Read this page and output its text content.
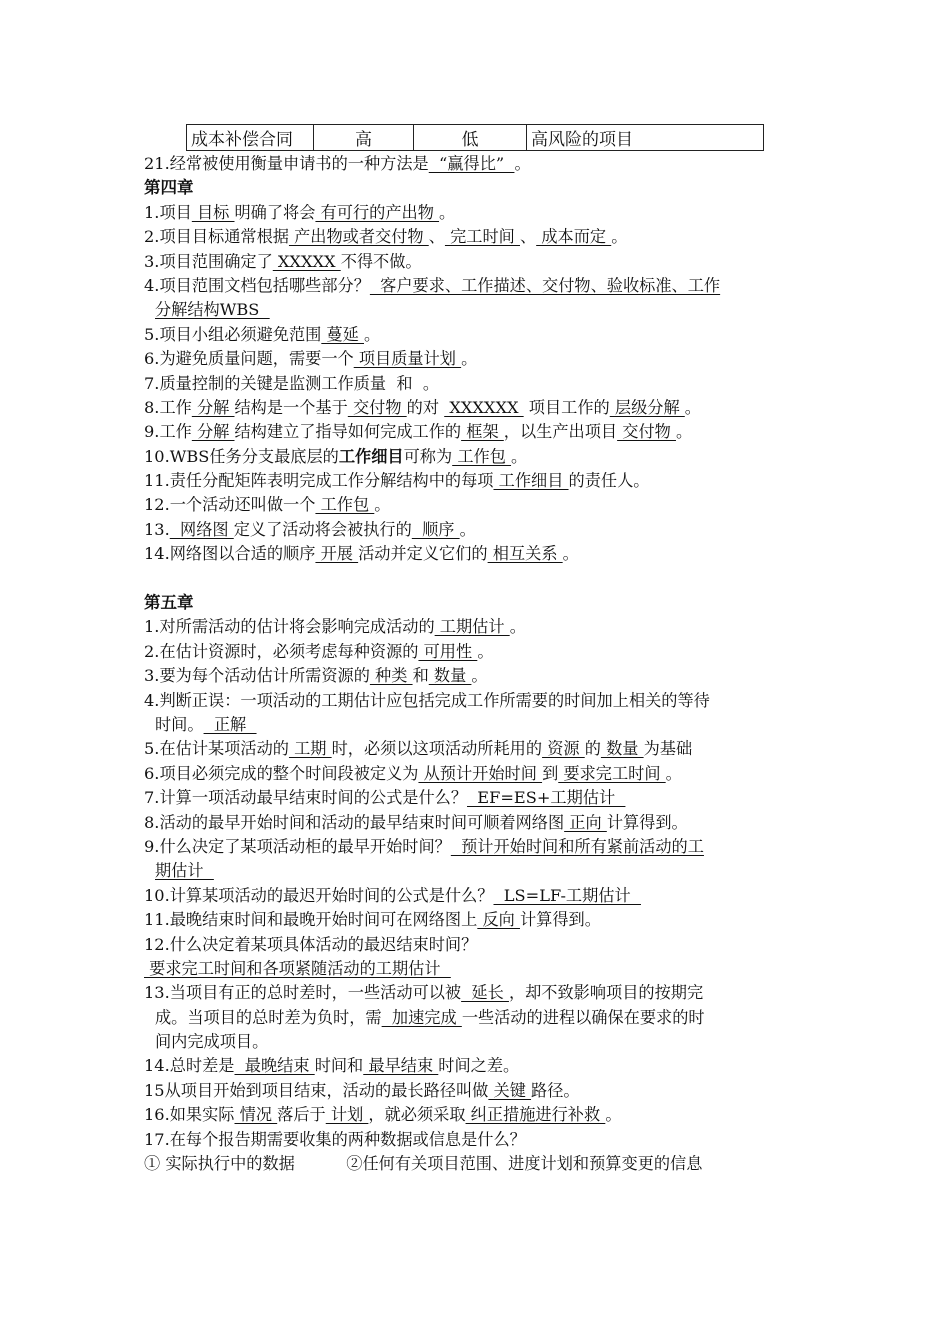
成本补偿合同	高	低	高风险的项目
21.经常被使用衡量申请书的一种方法是  “赢得比”  。
第四章
1.项目 目标 明确了将会 有可行的产出物 。
2.项目目标通常根据 产出物或者交付物 、 完工时间 、 成本而定 。
3.项目范围确定了 XXXXX 不得不做。
4.项目范围文档包括哪些部分？  客户要求、工作描述、交付物、验收标准、工作
分解结构WBS
5.项目小组必须避免范围 蔓延 。
6.为避免质量问题，需要一个 项目质量计划 。
7.质量控制的关键是监测工作质量  和  。
8.工作 分解 结构是一个基于 交付物 的对  XXXXXX  项目工作的 层级分解 。
9.工作 分解 结构建立了指导如何完成工作的 框架 ，以生产出项目 交付物 。
10.WBS任务分支最底层的工作细目可称为 工作包 。
11.责任分配矩阵表明完成工作分解结构中的每项 工作细目 的责任人。
12.一个活动还叫做一个 工作包 。
13.  网络图 定义了活动将会被执行的  顺序 。
14.网络图以合适的顺序 开展 活动并定义它们的 相互关系 。
第五章
1.对所需活动的估计将会影响完成活动的 工期估计 。
2.在估计资源时，必须考虑每种资源的 可用性 。
3.要为每个活动估计所需资源的 种类 和 数量 。
4.判断正误：一项活动的工期估计应包括完成工作所需要的时间加上相关的等待
时间。  正解
5.在估计某项活动的 工期 时，必须以这项活动所耗用的 资源 的 数量 为基础
6.项目必须完成的整个时间段被定义为 从预计开始时间 到 要求完工时间 。
7.计算一项活动最早结束时间的公式是什么？  EF=ES+工期估计
8.活动的最早开始时间和活动的最早结束时间可顺着网络图 正向 计算得到。
9.什么决定了某项活动柜的最早开始时间？  预计开始时间和所有紧前活动的工
期估计
10.计算某项活动的最迟开始时间的公式是什么？  LS=LF-工期估计
11.最晚结束时间和最晚开始时间可在网络图上 反向 计算得到。
12.什么决定着某项具体活动的最迟结束时间？
要求完工时间和各项紧随活动的工期估计
13.当项目有正的总时差时，一些活动可以被  延长 ，却不致影响项目的按期完
成。当项目的总时差为负时，需  加速完成 一些活动的进程以确保在要求的时
间内完成项目。
14.总时差是  最晚结束 时间和 最早结束 时间之差。
15从项目开始到项目结束，活动的最长路径叫做 关键 路径。
16.如果实际 情况 落后于 计划 ，就必须采取 纠正措施进行补救 。
17.在每个报告期需要收集的两种数据或信息是什么？
① 实际执行中的数据          ②任何有关项目范围、进度计划和预算变更的信息
